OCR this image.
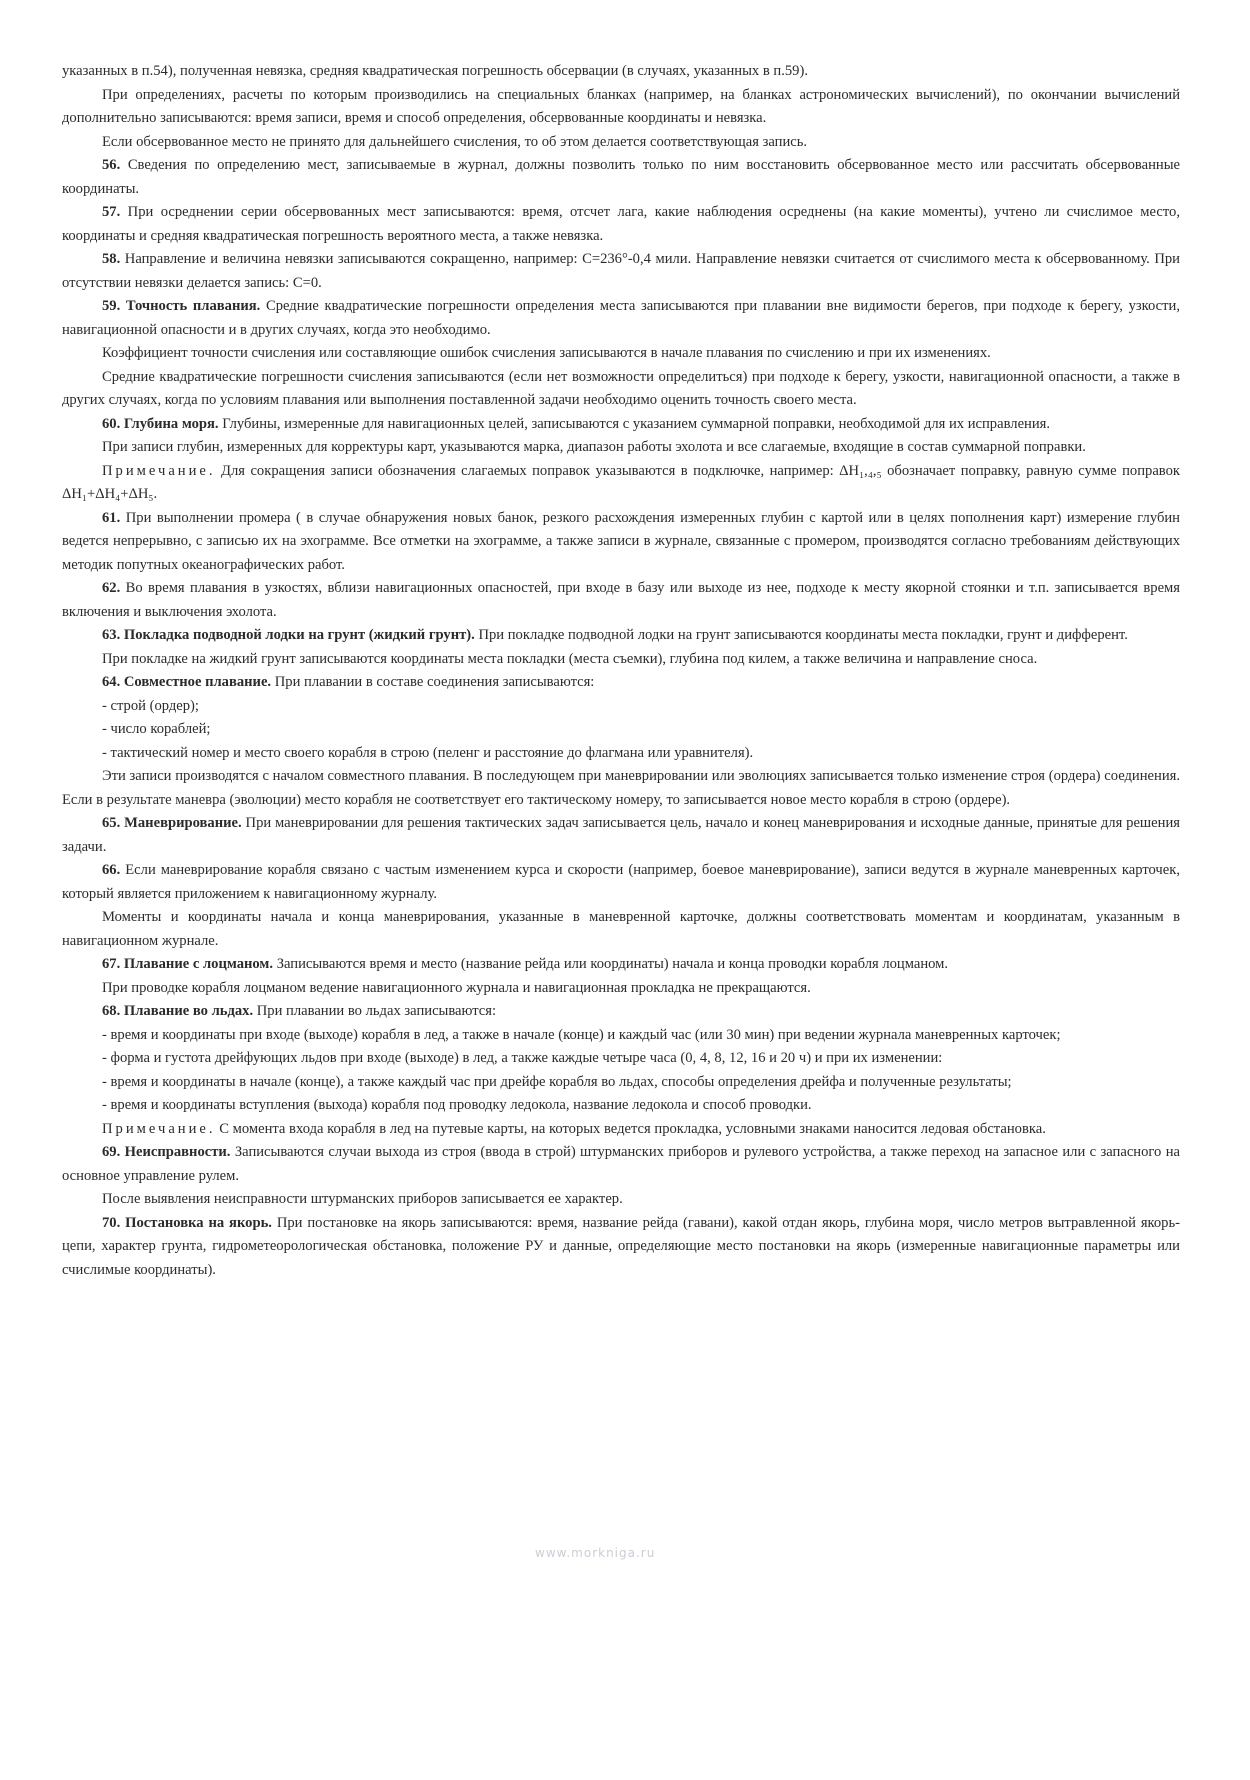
указанных в п.54), полученная невязка, средняя квадратическая погрешность обсервации (в случаях, указанных в п.59).

При определениях, расчеты по которым производились на специальных бланках (например, на бланках астрономических вычислений), по окончании вычислений дополнительно записываются: время записи, время и способ определения, обсервованные координаты и невязка.

Если обсервованное место не принято для дальнейшего счисления, то об этом делается соответствующая запись.

56. Сведения по определению мест, записываемые в журнал, должны позволить только по ним восстановить обсервованное место или рассчитать обсервованные координаты.

57. При осреднении серии обсервованных мест записываются: время, отсчет лага, какие наблюдения осреднены (на какие моменты), учтено ли счислимое место, координаты и средняя квадратическая погрешность вероятного места, а также невязка.

58. Направление и величина невязки записываются сокращенно, например: С=236°-0,4 мили. Направление невязки считается от счислимого места к обсервованному. При отсутствии невязки делается запись: С=0.

59. Точность плавания. Средние квадратические погрешности определения места записываются при плавании вне видимости берегов, при подходе к берегу, узкости, навигационной опасности и в других случаях, когда это необходимо.

Коэффициент точности счисления или составляющие ошибок счисления записываются в начале плавания по счислению и при их изменениях.

Средние квадратические погрешности счисления записываются (если нет возможности определиться) при подходе к берегу, узкости, навигационной опасности, а также в других случаях, когда по условиям плавания или выполнения поставленной задачи необходимо оценить точность своего места.

60. Глубина моря. Глубины, измеренные для навигационных целей, записываются с указанием суммарной поправки, необходимой для их исправления.

При записи глубин, измеренных для корректуры карт, указываются марка, диапазон работы эхолота и все слагаемые, входящие в состав суммарной поправки.

Примечание. Для сокращения записи обозначения слагаемых поправок указываются в подключке, например: ΔH₁,₄,₅ обозначает поправку, равную сумме поправок ΔH₁+ΔH₄+ΔH₅.

61. При выполнении промера ( в случае обнаружения новых банок, резкого расхождения измеренных глубин с картой или в целях пополнения карт) измерение глубин ведется непрерывно, с записью их на эхограмме. Все отметки на эхограмме, а также записи в журнале, связанные с промером, производятся согласно требованиям действующих методик попутных океанографических работ.

62. Во время плавания в узкостях, вблизи навигационных опасностей, при входе в базу или выходе из нее, подходе к месту якорной стоянки и т.п. записывается время включения и выключения эхолота.

63. Покладка подводной лодки на грунт (жидкий грунт). При покладке подводной лодки на грунт записываются координаты места покладки, грунт и дифферент.

При покладке на жидкий грунт записываются координаты места покладки (места съемки), глубина под килем, а также величина и направление сноса.

64. Совместное плавание. При плавании в составе соединения записываются:

- строй (ордер);

- число кораблей;

- тактический номер и место своего корабля в строю (пеленг и расстояние до флагмана или уравнителя).

Эти записи производятся с началом совместного плавания. В последующем при маневрировании или эволюциях записывается только изменение строя (ордера) соединения. Если в результате маневра (эволюции) место корабля не соответствует его тактическому номеру, то записывается новое место корабля в строю (ордере).

65. Маневрирование. При маневрировании для решения тактических задач записывается цель, начало и конец маневрирования и исходные данные, принятые для решения задачи.

66. Если маневрирование корабля связано с частым изменением курса и скорости (например, боевое маневрирование), записи ведутся в журнале маневренных карточек, который является приложением к навигационному журналу.

Моменты и координаты начала и конца маневрирования, указанные в маневренной карточке, должны соответствовать моментам и координатам, указанным в навигационном журнале.

67. Плавание с лоцманом. Записываются время и место (название рейда или координаты) начала и конца проводки корабля лоцманом.

При проводке корабля лоцманом ведение навигационного журнала и навигационная прокладка не прекращаются.

68. Плавание во льдах. При плавании во льдах записываются:

- время и координаты при входе (выходе) корабля в лед, а также в начале (конце) и каждый час (или 30 мин) при ведении журнала маневренных карточек;

- форма и густота дрейфующих льдов при входе (выходе) в лед, а также каждые четыре часа (0, 4, 8, 12, 16 и 20 ч) и при их изменении:

- время и координаты в начале (конце), а также каждый час при дрейфе корабля во льдах, способы определения дрейфа и полученные результаты;

- время и координаты вступления (выхода) корабля под проводку ледокола, название ледокола и способ проводки.

Примечание. С момента входа корабля в лед на путевые карты, на которых ведется прокладка, условными знаками наносится ледовая обстановка.

69. Неисправности. Записываются случаи выхода из строя (ввода в строй) штурманских приборов и рулевого устройства, а также переход на запасное или с запасного на основное управление рулем.

После выявления неисправности штурманских приборов записывается ее характер.

70. Постановка на якорь. При постановке на якорь записываются: время, название рейда (гавани), какой отдан якорь, глубина моря, число метров вытравленной якорь-цепи, характер грунта, гидрометеорологическая обстановка, положение РУ и данные, определяющие место постановки на якорь (измеренные навигационные параметры или счислимые координаты).

www.morkniga.ru
